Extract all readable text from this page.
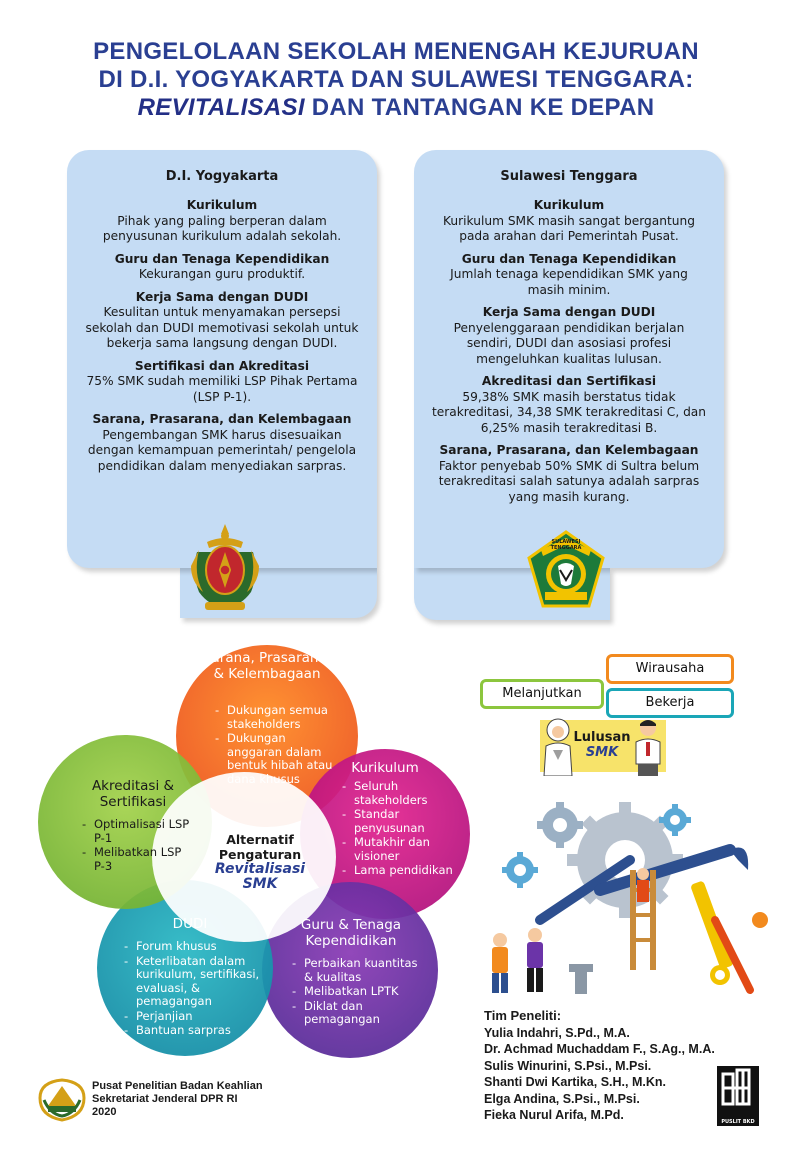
PENGELOLAAN SEKOLAH MENENGAH KEJURUAN
DI D.I. YOGYAKARTA DAN SULAWESI TENGGARA:
REVITALISASI DAN TANTANGAN KE DEPAN
D.I. Yogyakarta
Kurikulum
Pihak yang paling berperan dalam penyusunan kurikulum adalah sekolah.
Guru dan Tenaga Kependidikan
Kekurangan guru produktif.
Kerja Sama dengan DUDI
Kesulitan untuk menyamakan persepsi sekolah dan DUDI memotivasi sekolah untuk bekerja sama langsung dengan DUDI.
Sertifikasi dan Akreditasi
75% SMK sudah memiliki LSP Pihak Pertama (LSP P-1).
Sarana, Prasarana, dan Kelembagaan
Pengembangan SMK harus disesuaikan dengan kemampuan pemerintah/ pengelola pendidikan dalam menyediakan sarpras.
Sulawesi Tenggara
Kurikulum
Kurikulum SMK masih sangat bergantung pada arahan dari Pemerintah Pusat.
Guru dan Tenaga Kependidikan
Jumlah tenaga kependidikan SMK yang masih minim.
Kerja Sama dengan DUDI
Penyelenggaraan pendidikan berjalan sendiri, DUDI dan asosiasi profesi mengeluhkan kualitas lulusan.
Akreditasi dan Sertifikasi
59,38% SMK masih berstatus tidak terakreditasi, 34,38 SMK terakreditasi C, dan 6,25% masih terakreditasi B.
Sarana, Prasarana, dan Kelembagaan
Faktor penyebab 50% SMK di Sultra belum terakreditasi salah satunya adalah sarpras yang masih kurang.
SULAWESI TENGGARA
Sarana, Prasarana, & Kelembagaan
- Dukungan semua stakeholders
- Dukungan anggaran dalam bentuk hibah atau dana khusus
Kurikulum
- Seluruh stakeholders
- Standar penyusunan
- Mutakhir dan visioner
- Lama pendidikan
Guru & Tenaga Kependidikan
- Perbaikan kuantitas & kualitas
- Melibatkan LPTK
- Diklat dan pemagangan
DUDI
- Forum khusus
- Keterlibatan dalam kurikulum, sertifikasi, evaluasi, & pemagangan
- Perjanjian
- Bantuan sarpras
Akreditasi & Sertifikasi
- Optimalisasi LSP P-1
- Melibatkan LSP P-3
Alternatif
Pengaturan
Revitalisasi
SMK
Wirausaha
Melanjutkan
Bekerja
Lulusan
SMK
Tim Peneliti:
Yulia Indahri, S.Pd., M.A.
Dr. Achmad Muchaddam F., S.Ag., M.A.
Sulis Winurini, S.Psi., M.Psi.
Shanti Dwi Kartika, S.H., M.Kn.
Elga Andina, S.Psi., M.Psi.
Fieka Nurul Arifa, M.Pd.	PUSLIT BKD
Pusat Penelitian Badan Keahlian
Sekretariat Jenderal DPR RI
2020
